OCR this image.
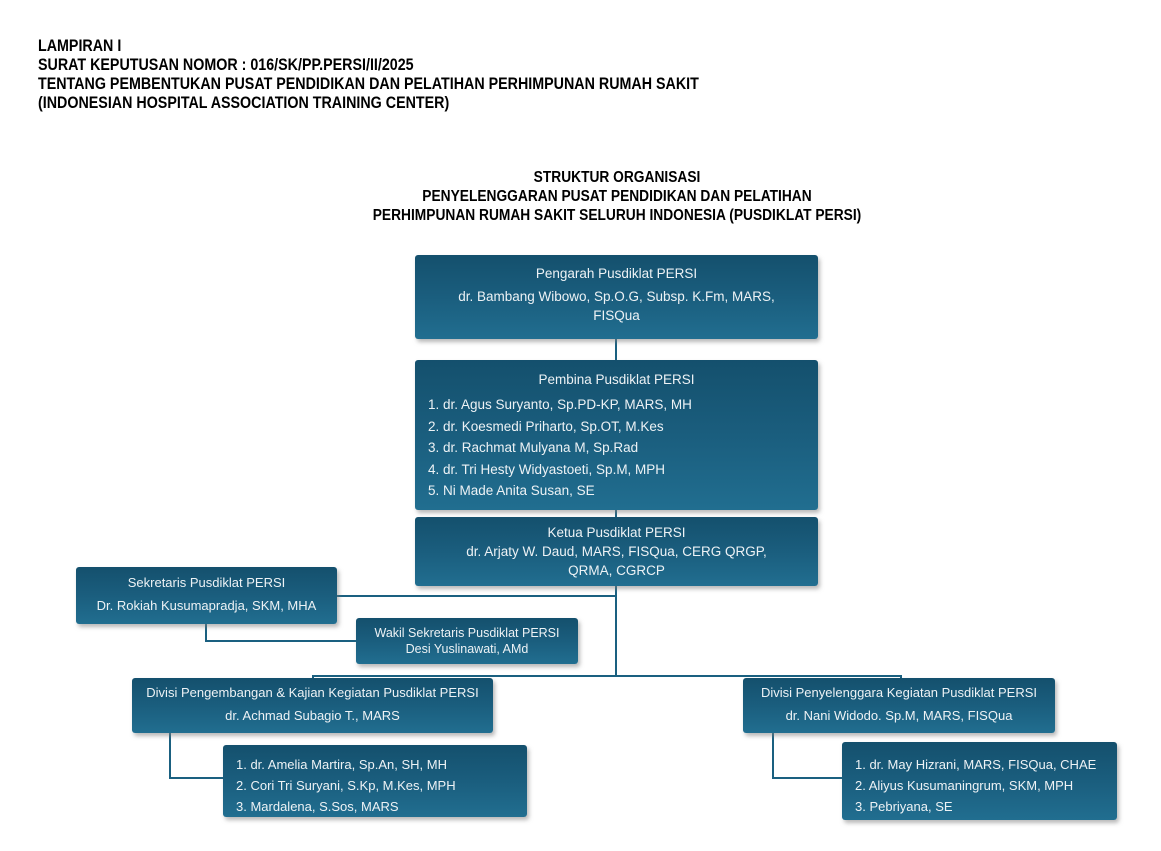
LAMPIRAN I
SURAT KEPUTUSAN NOMOR : 016/SK/PP.PERSI/II/2025
TENTANG PEMBENTUKAN PUSAT PENDIDIKAN DAN PELATIHAN PERHIMPUNAN RUMAH SAKIT
(INDONESIAN HOSPITAL ASSOCIATION TRAINING CENTER)
STRUKTUR ORGANISASI
PENYELENGGARAN PUSAT PENDIDIKAN DAN PELATIHAN
PERHIMPUNAN RUMAH SAKIT SELURUH INDONESIA (PUSDIKLAT PERSI)
Pengarah Pusdiklat PERSI
dr. Bambang Wibowo, Sp.O.G, Subsp. K.Fm, MARS, FISQua
Pembina Pusdiklat PERSI
1. dr. Agus Suryanto, Sp.PD-KP, MARS, MH
2. dr. Koesmedi Priharto, Sp.OT, M.Kes
3. dr. Rachmat Mulyana M, Sp.Rad
4. dr. Tri Hesty Widyastoeti, Sp.M, MPH
5. Ni Made Anita Susan, SE
Ketua Pusdiklat PERSI
dr. Arjaty W. Daud, MARS, FISQua, CERG QRGP, QRMA, CGRCP
Sekretaris Pusdiklat PERSI
Dr. Rokiah Kusumapradja, SKM, MHA
Wakil Sekretaris Pusdiklat PERSI
Desi Yuslinawati, AMd
Divisi Pengembangan & Kajian Kegiatan Pusdiklat PERSI
dr. Achmad Subagio T., MARS
1. dr. Amelia Martira, Sp.An, SH, MH
2. Cori Tri Suryani, S.Kp, M.Kes, MPH
3. Mardalena, S.Sos, MARS
Divisi Penyelenggara Kegiatan Pusdiklat PERSI
dr. Nani Widodo. Sp.M, MARS, FISQua
1. dr. May Hizrani, MARS, FISQua, CHAE
2. Aliyus Kusumaningrum, SKM, MPH
3. Pebriyana, SE
